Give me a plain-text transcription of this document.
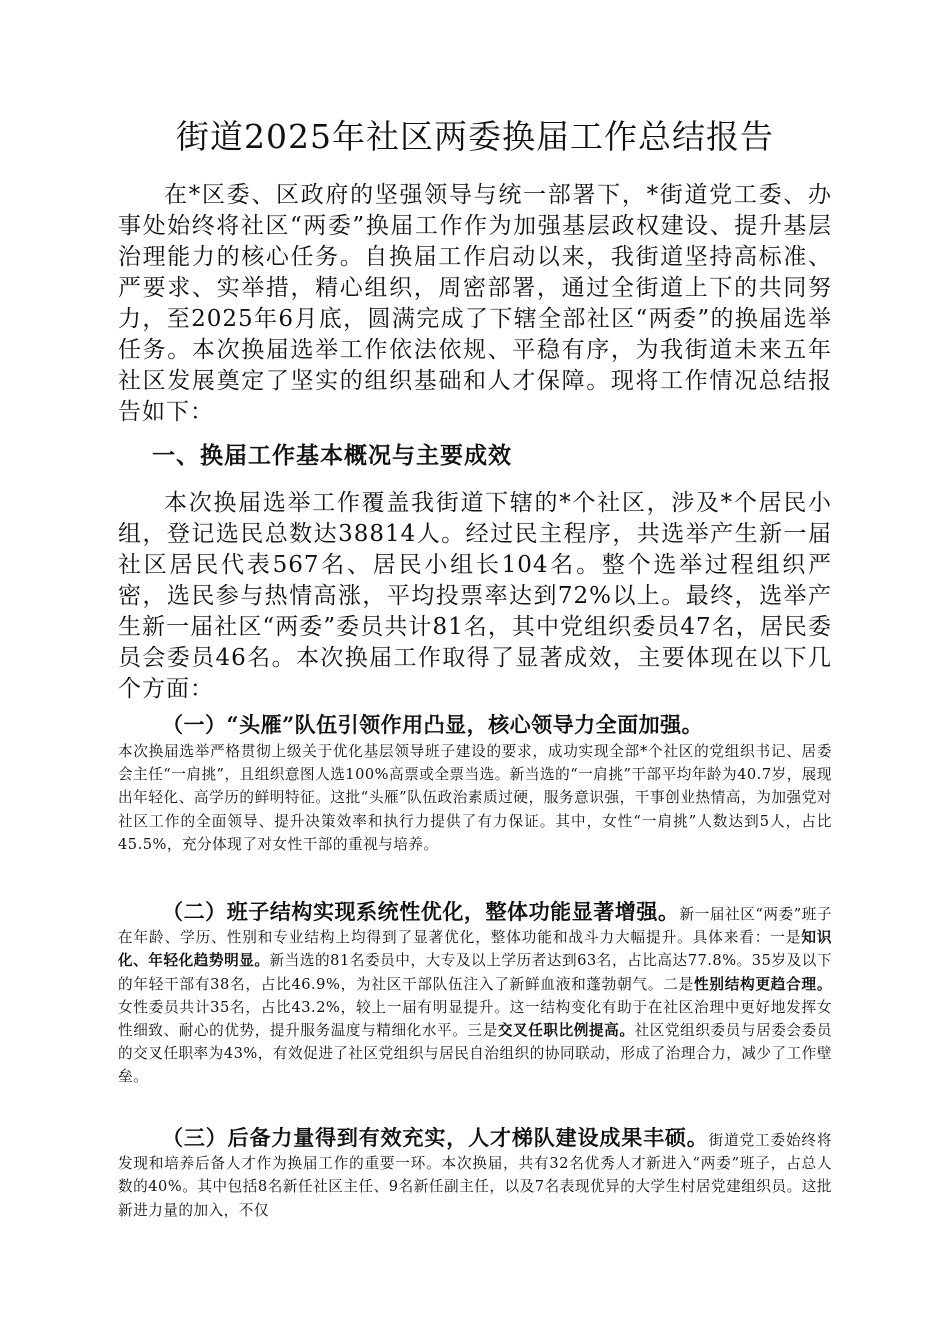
街道2025年社区两委换届工作总结报告

在*区委、区政府的坚强领导与统一部署下，*街道党工委、办事处始终将社区“两委”换届工作作为加强基层政权建设、提升基层治理能力的核心任务。自换届工作启动以来，我街道坚持高标准、严要求、实举措，精心组织，周密部署，通过全街道上下的共同努力，至2025年6月底，圆满完成了下辖全部社区“两委”的换届选举任务。本次换届选举工作依法依规、平稳有序，为我街道未来五年社区发展奠定了坚实的组织基础和人才保障。现将工作情况总结报告如下：

一、换届工作基本概况与主要成效

本次换届选举工作覆盖我街道下辖的*个社区，涉及*个居民小组，登记选民总数达38814人。经过民主程序，共选举产生新一届社区居民代表567名、居民小组长104名。整个选举过程组织严密，选民参与热情高涨，平均投票率达到72%以上。最终，选举产生新一届社区“两委”委员共计81名，其中党组织委员47名，居民委员会委员46名。本次换届工作取得了显著成效，主要体现在以下几个方面：

（一）“头雁”队伍引领作用凸显，核心领导力全面加强。

本次换届选举严格贯彻上级关于优化基层领导班子建设的要求，成功实现全部*个社区的党组织书记、居委会主任“一肩挑”，且组织意图人选100%高票或全票当选。新当选的“一肩挑”干部平均年龄为40.7岁，展现出年轻化、高学历的鲜明特征。这批“头雁”队伍政治素质过硬，服务意识强，干事创业热情高，为加强党对社区工作的全面领导、提升决策效率和执行力提供了有力保证。其中，女性“一肩挑”人数达到5人，占比45.5%，充分体现了对女性干部的重视与培养。

（二）班子结构实现系统性优化，整体功能显著增强。新一届社区“两委”班子在年龄、学历、性别和专业结构上均得到了显著优化，整体功能和战斗力大幅提升。具体来看：一是知识化、年轻化趋势明显。新当选的81名委员中，大专及以上学历者达到63名，占比高达77.8%。35岁及以下的年轻干部有38名，占比46.9%，为社区干部队伍注入了新鲜血液和蓬勃朝气。二是性别结构更趋合理。女性委员共计35名，占比43.2%，较上一届有明显提升。这一结构变化有助于在社区治理中更好地发挥女性细致、耐心的优势，提升服务温度与精细化水平。三是交叉任职比例提高。社区党组织委员与居委会委员的交叉任职率为43%，有效促进了社区党组织与居民自治组织的协同联动，形成了治理合力，减少了工作壁垒。

（三）后备力量得到有效充实，人才梯队建设成果丰硕。街道党工委始终将发现和培养后备人才作为换届工作的重要一环。本次换届，共有32名优秀人才新进入“两委”班子，占总人数的40%。其中包括8名新任社区主任、9名新任副主任，以及7名表现优异的大学生村居党建组织员。这批新进力量的加入，不仅
